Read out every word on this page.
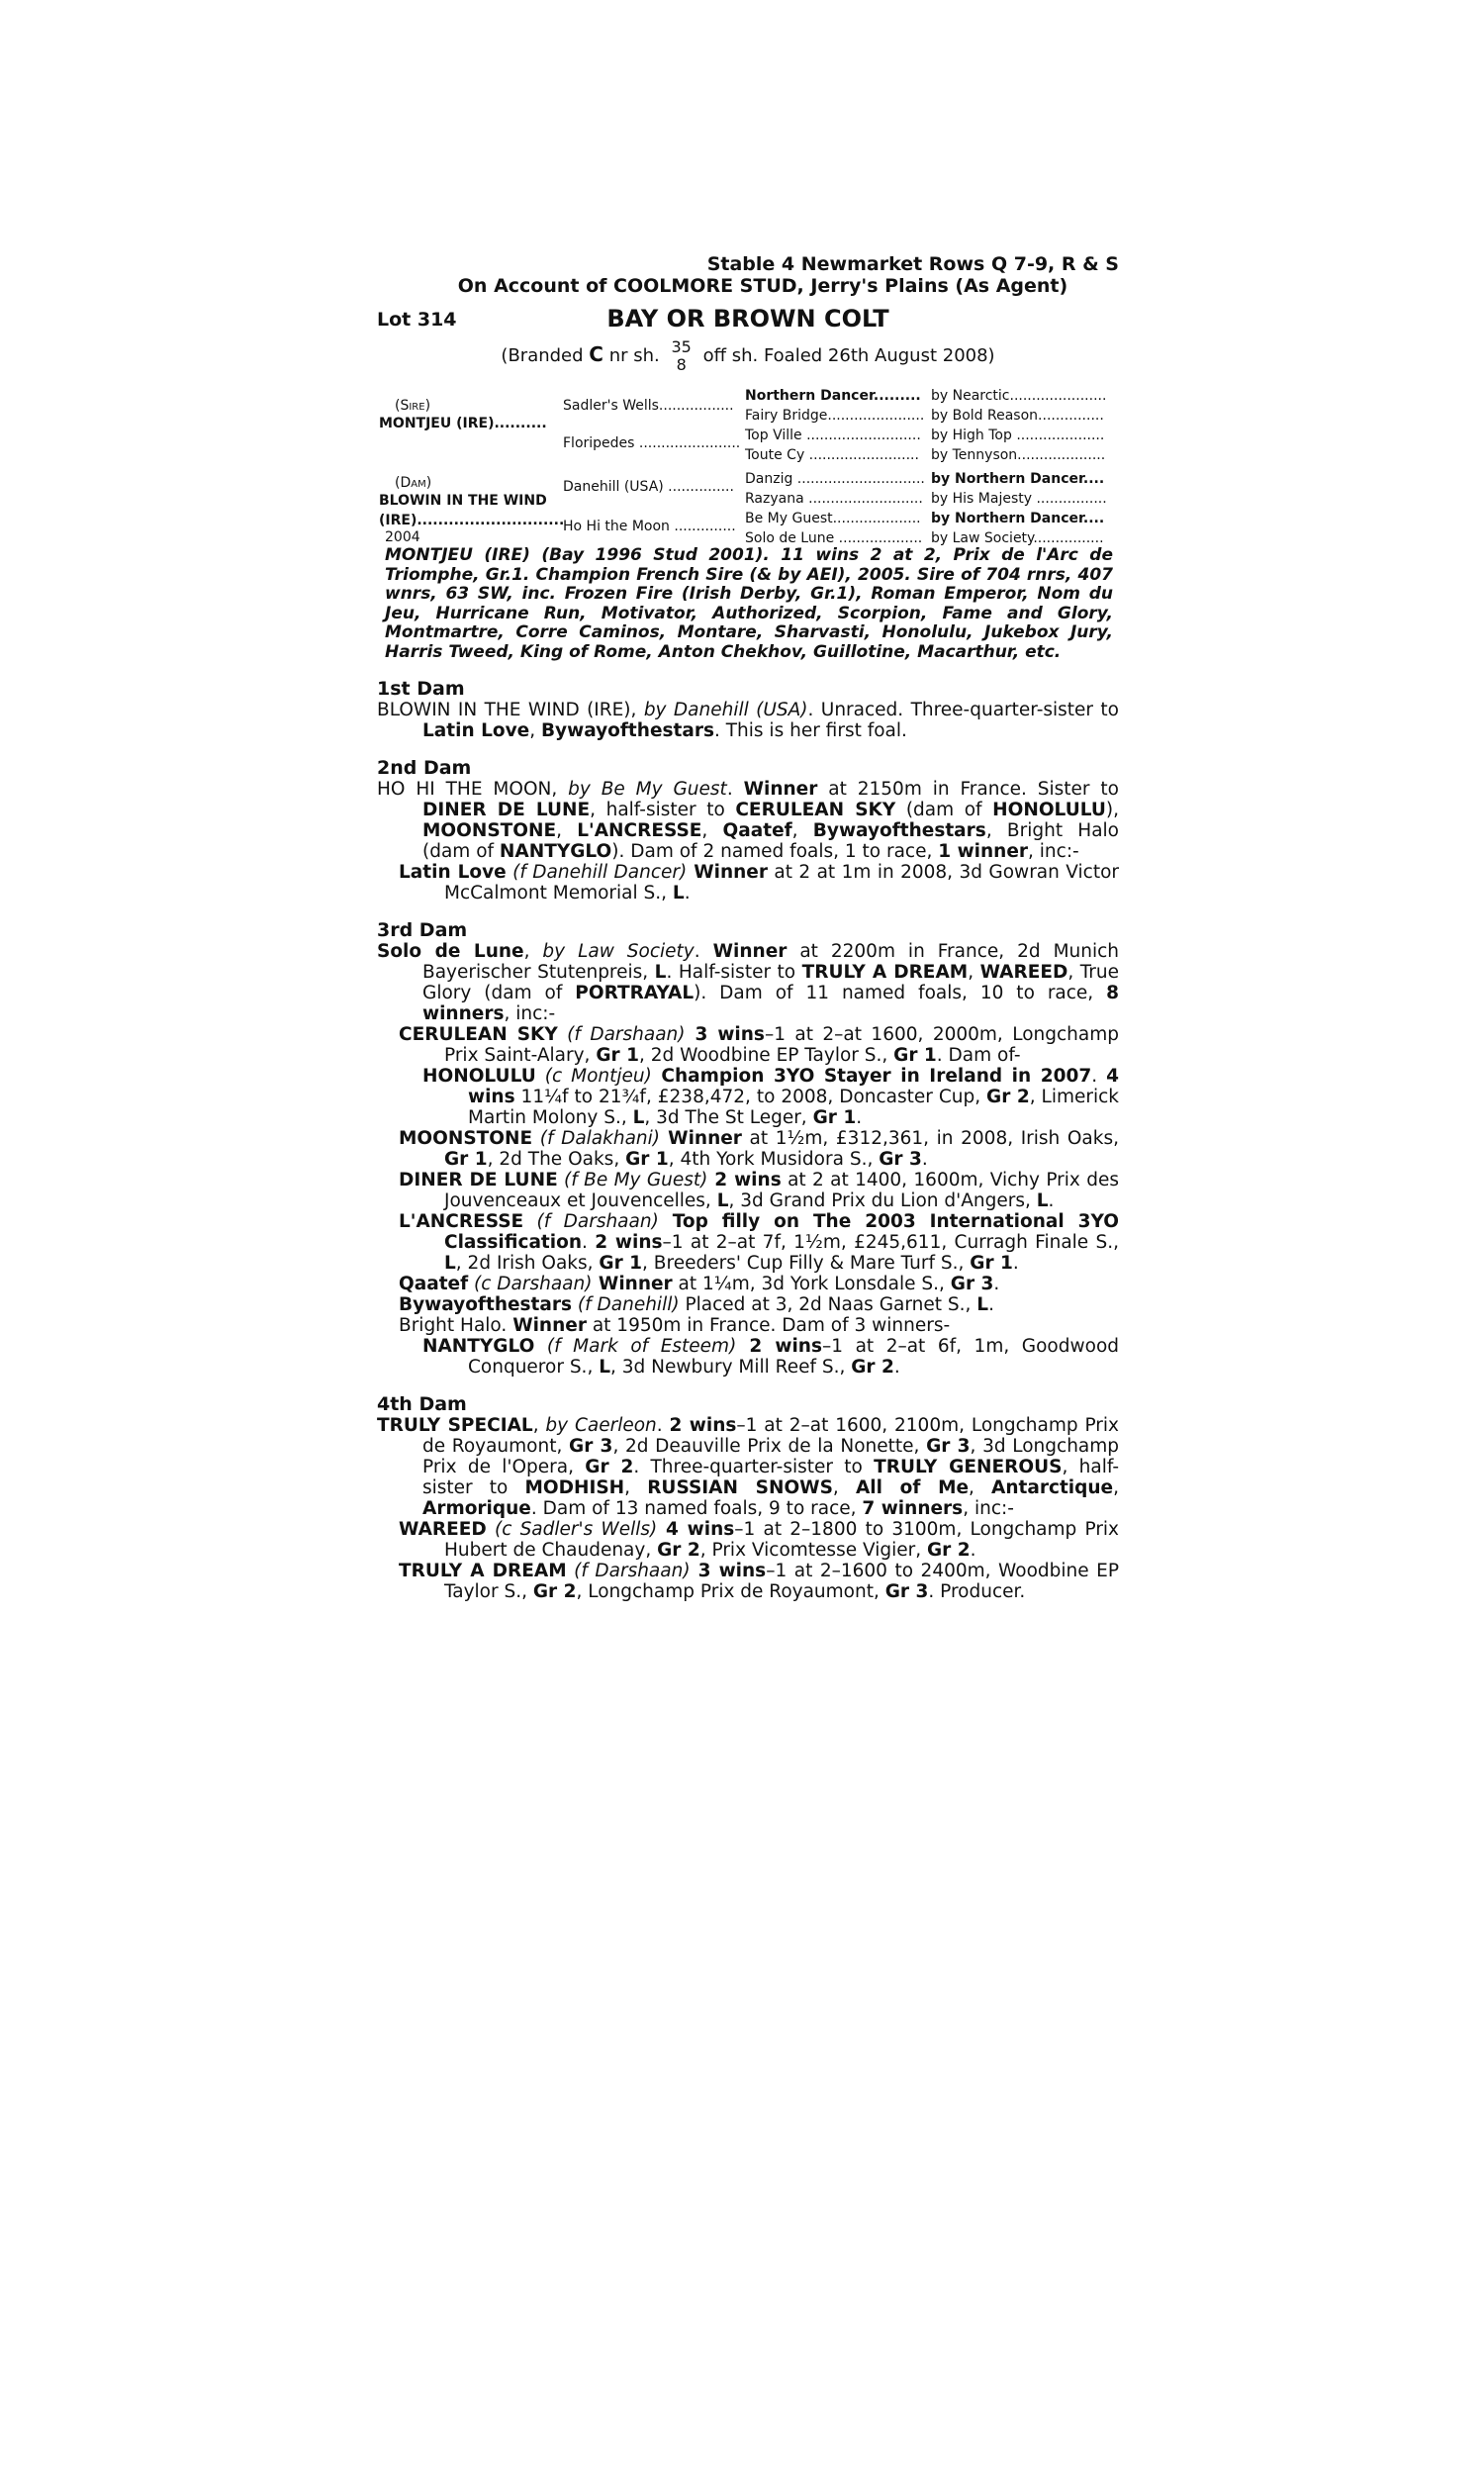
Stable 4 Newmarket Rows Q 7-9, R & S
On Account of COOLMORE STUD, Jerry's Plains (As Agent)
Lot 314	BAY OR BROWN COLT
(Branded C nr sh. 35
8 off sh. Foaled 26th August 2008)
(Sire)
MONTJEU (IRE)..........
(Dam)
BLOWIN IN THE WIND
(IRE)............................
2004
Sadler's Wells.................
Floripedes .......................
Danehill (USA) ...............
Ho Hi the Moon ..............
Northern Dancer......... by Nearctic......................
Fairy Bridge...................... by Bold Reason...............
Top Ville .......................... by High Top ....................
Toute Cy ......................... by Tennyson....................
Danzig ............................. by Northern Dancer....
Razyana .......................... by His Majesty ................
Be My Guest.................... by Northern Dancer....
Solo de Lune ................... by Law Society................
MONTJEU (IRE) (Bay 1996 Stud 2001). 11 wins 2 at 2, Prix de l'Arc de Triomphe, Gr.1. Champion French Sire (& by AEI), 2005. Sire of 704 rnrs, 407 wnrs, 63 SW, inc. Frozen Fire (Irish Derby, Gr.1), Roman Emperor, Nom du Jeu, Hurricane Run, Motivator, Authorized, Scorpion, Fame and Glory, Montmartre, Corre Caminos, Montare, Sharvasti, Honolulu, Jukebox Jury, Harris Tweed, King of Rome, Anton Chekhov, Guillotine, Macarthur, etc.
1st Dam

BLOWIN IN THE WIND (IRE), by Danehill (USA). Unraced. Three-quarter-sister to Latin Love, Bywayofthestars. This is her first foal.

2nd Dam

HO HI THE MOON, by Be My Guest. Winner at 2150m in France. Sister to DINER DE LUNE, half-sister to CERULEAN SKY (dam of HONOLULU), MOONSTONE, L'ANCRESSE, Qaatef, Bywayofthestars, Bright Halo (dam of NANTYGLO). Dam of 2 named foals, 1 to race, 1 winner, inc:-

Latin Love (f Danehill Dancer) Winner at 2 at 1m in 2008, 3d Gowran Victor McCalmont Memorial S., L.

3rd Dam

Solo de Lune, by Law Society. Winner at 2200m in France, 2d Munich Bayerischer Stutenpreis, L. Half-sister to TRULY A DREAM, WAREED, True Glory (dam of PORTRAYAL). Dam of 11 named foals, 10 to race, 8 winners, inc:-

CERULEAN SKY (f Darshaan) 3 wins–1 at 2–at 1600, 2000m, Longchamp Prix Saint-Alary, Gr 1, 2d Woodbine EP Taylor S., Gr 1. Dam of-

HONOLULU (c Montjeu) Champion 3YO Stayer in Ireland in 2007. 4 wins 11¼f to 21¾f, £238,472, to 2008, Doncaster Cup, Gr 2, Limerick Martin Molony S., L, 3d The St Leger, Gr 1.

MOONSTONE (f Dalakhani) Winner at 1½m, £312,361, in 2008, Irish Oaks, Gr 1, 2d The Oaks, Gr 1, 4th York Musidora S., Gr 3.

DINER DE LUNE (f Be My Guest) 2 wins at 2 at 1400, 1600m, Vichy Prix des Jouvenceaux et Jouvencelles, L, 3d Grand Prix du Lion d'Angers, L.

L'ANCRESSE (f Darshaan) Top filly on The 2003 International 3YO Classification. 2 wins–1 at 2–at 7f, 1½m, £245,611, Curragh Finale S., L, 2d Irish Oaks, Gr 1, Breeders' Cup Filly & Mare Turf S., Gr 1.

Qaatef (c Darshaan) Winner at 1¼m, 3d York Lonsdale S., Gr 3.

Bywayofthestars (f Danehill) Placed at 3, 2d Naas Garnet S., L.

Bright Halo. Winner at 1950m in France. Dam of 3 winners-

NANTYGLO (f Mark of Esteem) 2 wins–1 at 2–at 6f, 1m, Goodwood Conqueror S., L, 3d Newbury Mill Reef S., Gr 2.

4th Dam

TRULY SPECIAL, by Caerleon. 2 wins–1 at 2–at 1600, 2100m, Longchamp Prix de Royaumont, Gr 3, 2d Deauville Prix de la Nonette, Gr 3, 3d Longchamp Prix de l'Opera, Gr 2. Three-quarter-sister to TRULY GENEROUS, half-sister to MODHISH, RUSSIAN SNOWS, All of Me, Antarctique, Armorique. Dam of 13 named foals, 9 to race, 7 winners, inc:-

WAREED (c Sadler's Wells) 4 wins–1 at 2–1800 to 3100m, Longchamp Prix Hubert de Chaudenay, Gr 2, Prix Vicomtesse Vigier, Gr 2.

TRULY A DREAM (f Darshaan) 3 wins–1 at 2–1600 to 2400m, Woodbine EP Taylor S., Gr 2, Longchamp Prix de Royaumont, Gr 3. Producer.
